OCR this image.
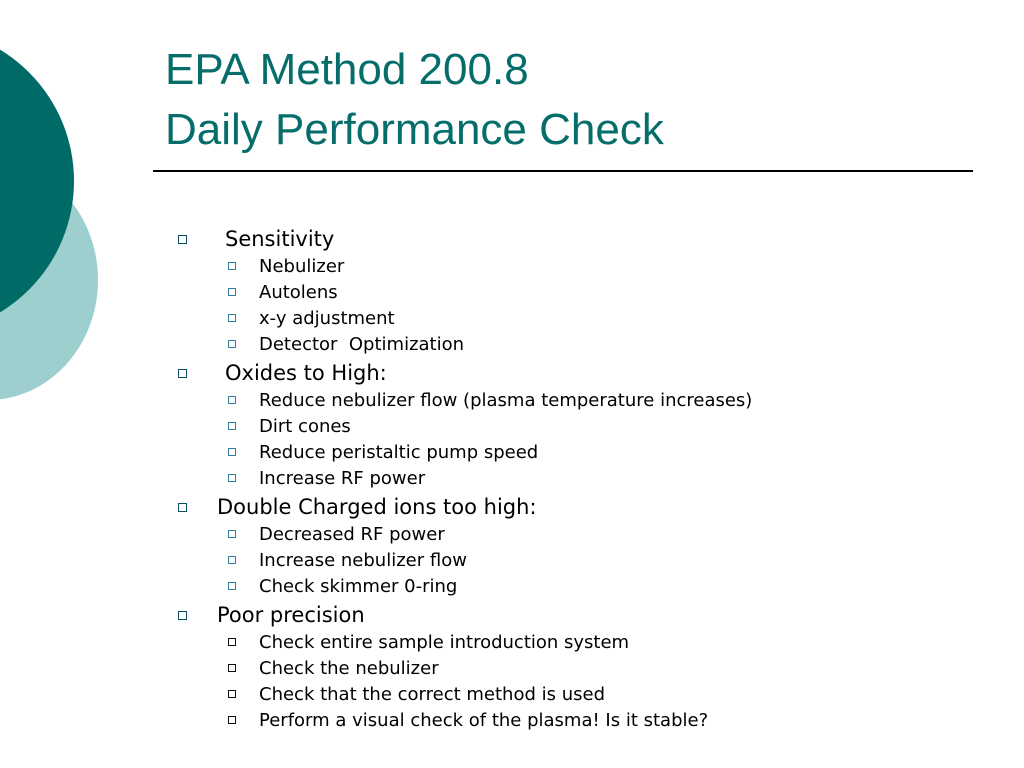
EPA Method 200.8
Daily Performance Check
Sensitivity
Nebulizer
Autolens
x-y adjustment
Detector  Optimization
Oxides to High:
Reduce nebulizer flow (plasma temperature increases)
Dirt cones
Reduce peristaltic pump speed
Increase RF power
Double Charged ions too high:
Decreased RF power
Increase nebulizer flow
Check skimmer 0-ring
Poor precision
Check entire sample introduction system
Check the nebulizer
Check that the correct method is used
Perform a visual check of the plasma! Is it stable?
